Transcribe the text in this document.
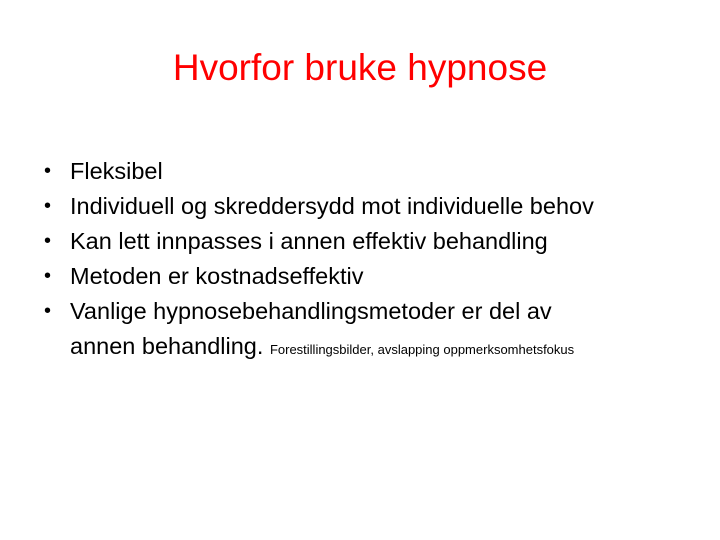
Hvorfor bruke hypnose
• Fleksibel
• Individuell og skreddersydd mot individuelle behov
• Kan lett innpasses i annen effektiv behandling
• Metoden er kostnadseffektiv
• Vanlige hypnosebehandlingsmetoder er del av
annen behandling. Forestillingsbilder, avslapping oppmerksomhetsfokus
